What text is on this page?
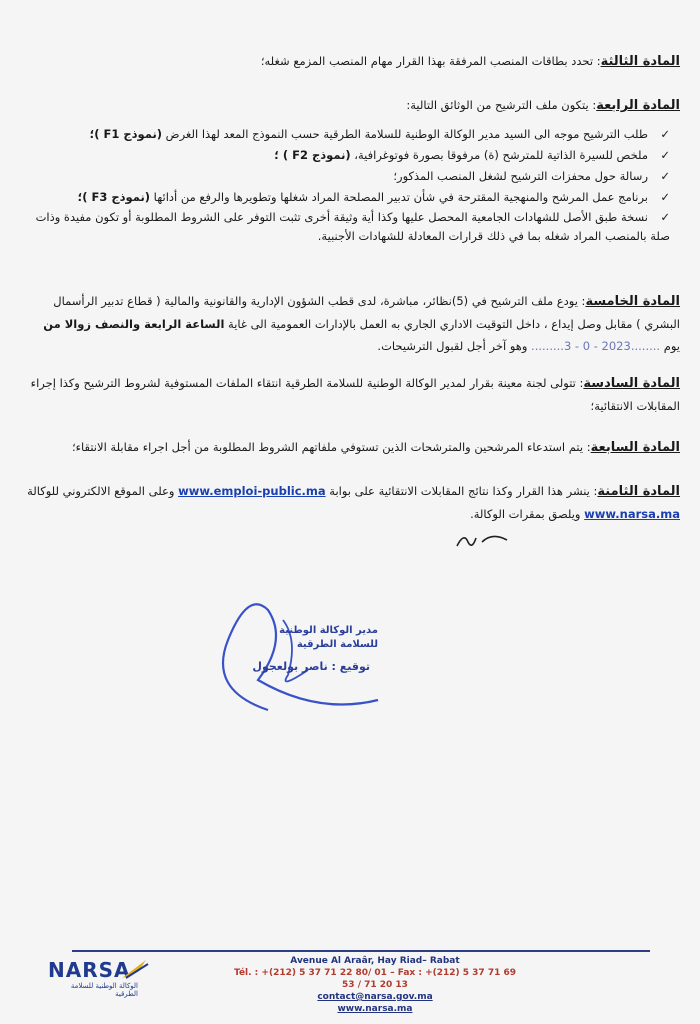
المادة الثالثة: تحدد بطاقات المنصب المرفقة بهذا القرار مهام المنصب المزمع شغله؛
المادة الرابعة: يتكون ملف الترشيح من الوثائق التالية:
✓طلب الترشيح موجه الى السيد مدير الوكالة الوطنية للسلامة الطرقية حسب النموذج المعد لهذا الغرض (نموذج F1 )؛
✓ملخص للسيرة الذاتية للمترشح (ة) مرفوقا بصورة فوتوغرافية، (نموذج F2 ) ؛
✓رسالة حول محفزات الترشيح لشغل المنصب المذكور؛
✓برنامج عمل المرشح والمنهجية المقترحة في شأن تدبير المصلحة المراد شغلها وتطويرها والرفع من أدائها (نموذج F3 )؛
✓نسخة طبق الأصل للشهادات الجامعية المحصل عليها وكذا أية وثيقة أخرى تثبت التوفر على الشروط المطلوبة أو تكون مفيدة وذات صلة بالمنصب المراد شغله بما في ذلك قرارات المعادلة للشهادات الأجنبية.
المادة الخامسة: يودع ملف الترشيح في (5)نظائر، مباشرة، لدى قطب الشؤون الإدارية والقانونية والمالية ( قطاع تدبير الرأسمال البشري ) مقابل وصل إيداع ، داخل التوقيت الاداري الجاري به العمل بالإدارات العمومية الى غاية الساعة الرابعة والنصف زوالا من
يوم ........2023 - 0 - 3......... وهو آخر أجل لقبول الترشيحات.
المادة السادسة: تتولى لجنة معينة بقرار لمدير الوكالة الوطنية للسلامة الطرقية انتقاء الملفات المستوفية لشروط الترشيح وكذا إجراء المقابلات الانتقائية؛
المادة السابعة: يتم استدعاء المرشحين والمترشحات الذين تستوفي ملفاتهم الشروط المطلوبة من أجل اجراء مقابلة الانتقاء؛
المادة الثامنة: ينشر هذا القرار وكذا نتائج المقابلات الانتقائية على بوابة www.emploi-public.ma وعلى الموقع الالكتروني للوكالة www.narsa.ma ويلصق بمقرات الوكالة.
مدير الوكالة الوطنية للسلامة الطرقية
توقيع : ناصر بولعجول
NARSA
الوكالة الوطنية للسلامة الطرقية
Avenue Al Araâr, Hay Riad– Rabat
Tél. : +(212) 5 37 71 22 80/ 01 – Fax : +(212) 5 37 71 69 53 / 71 20 13
contact@narsa.gov.ma
www.narsa.ma
